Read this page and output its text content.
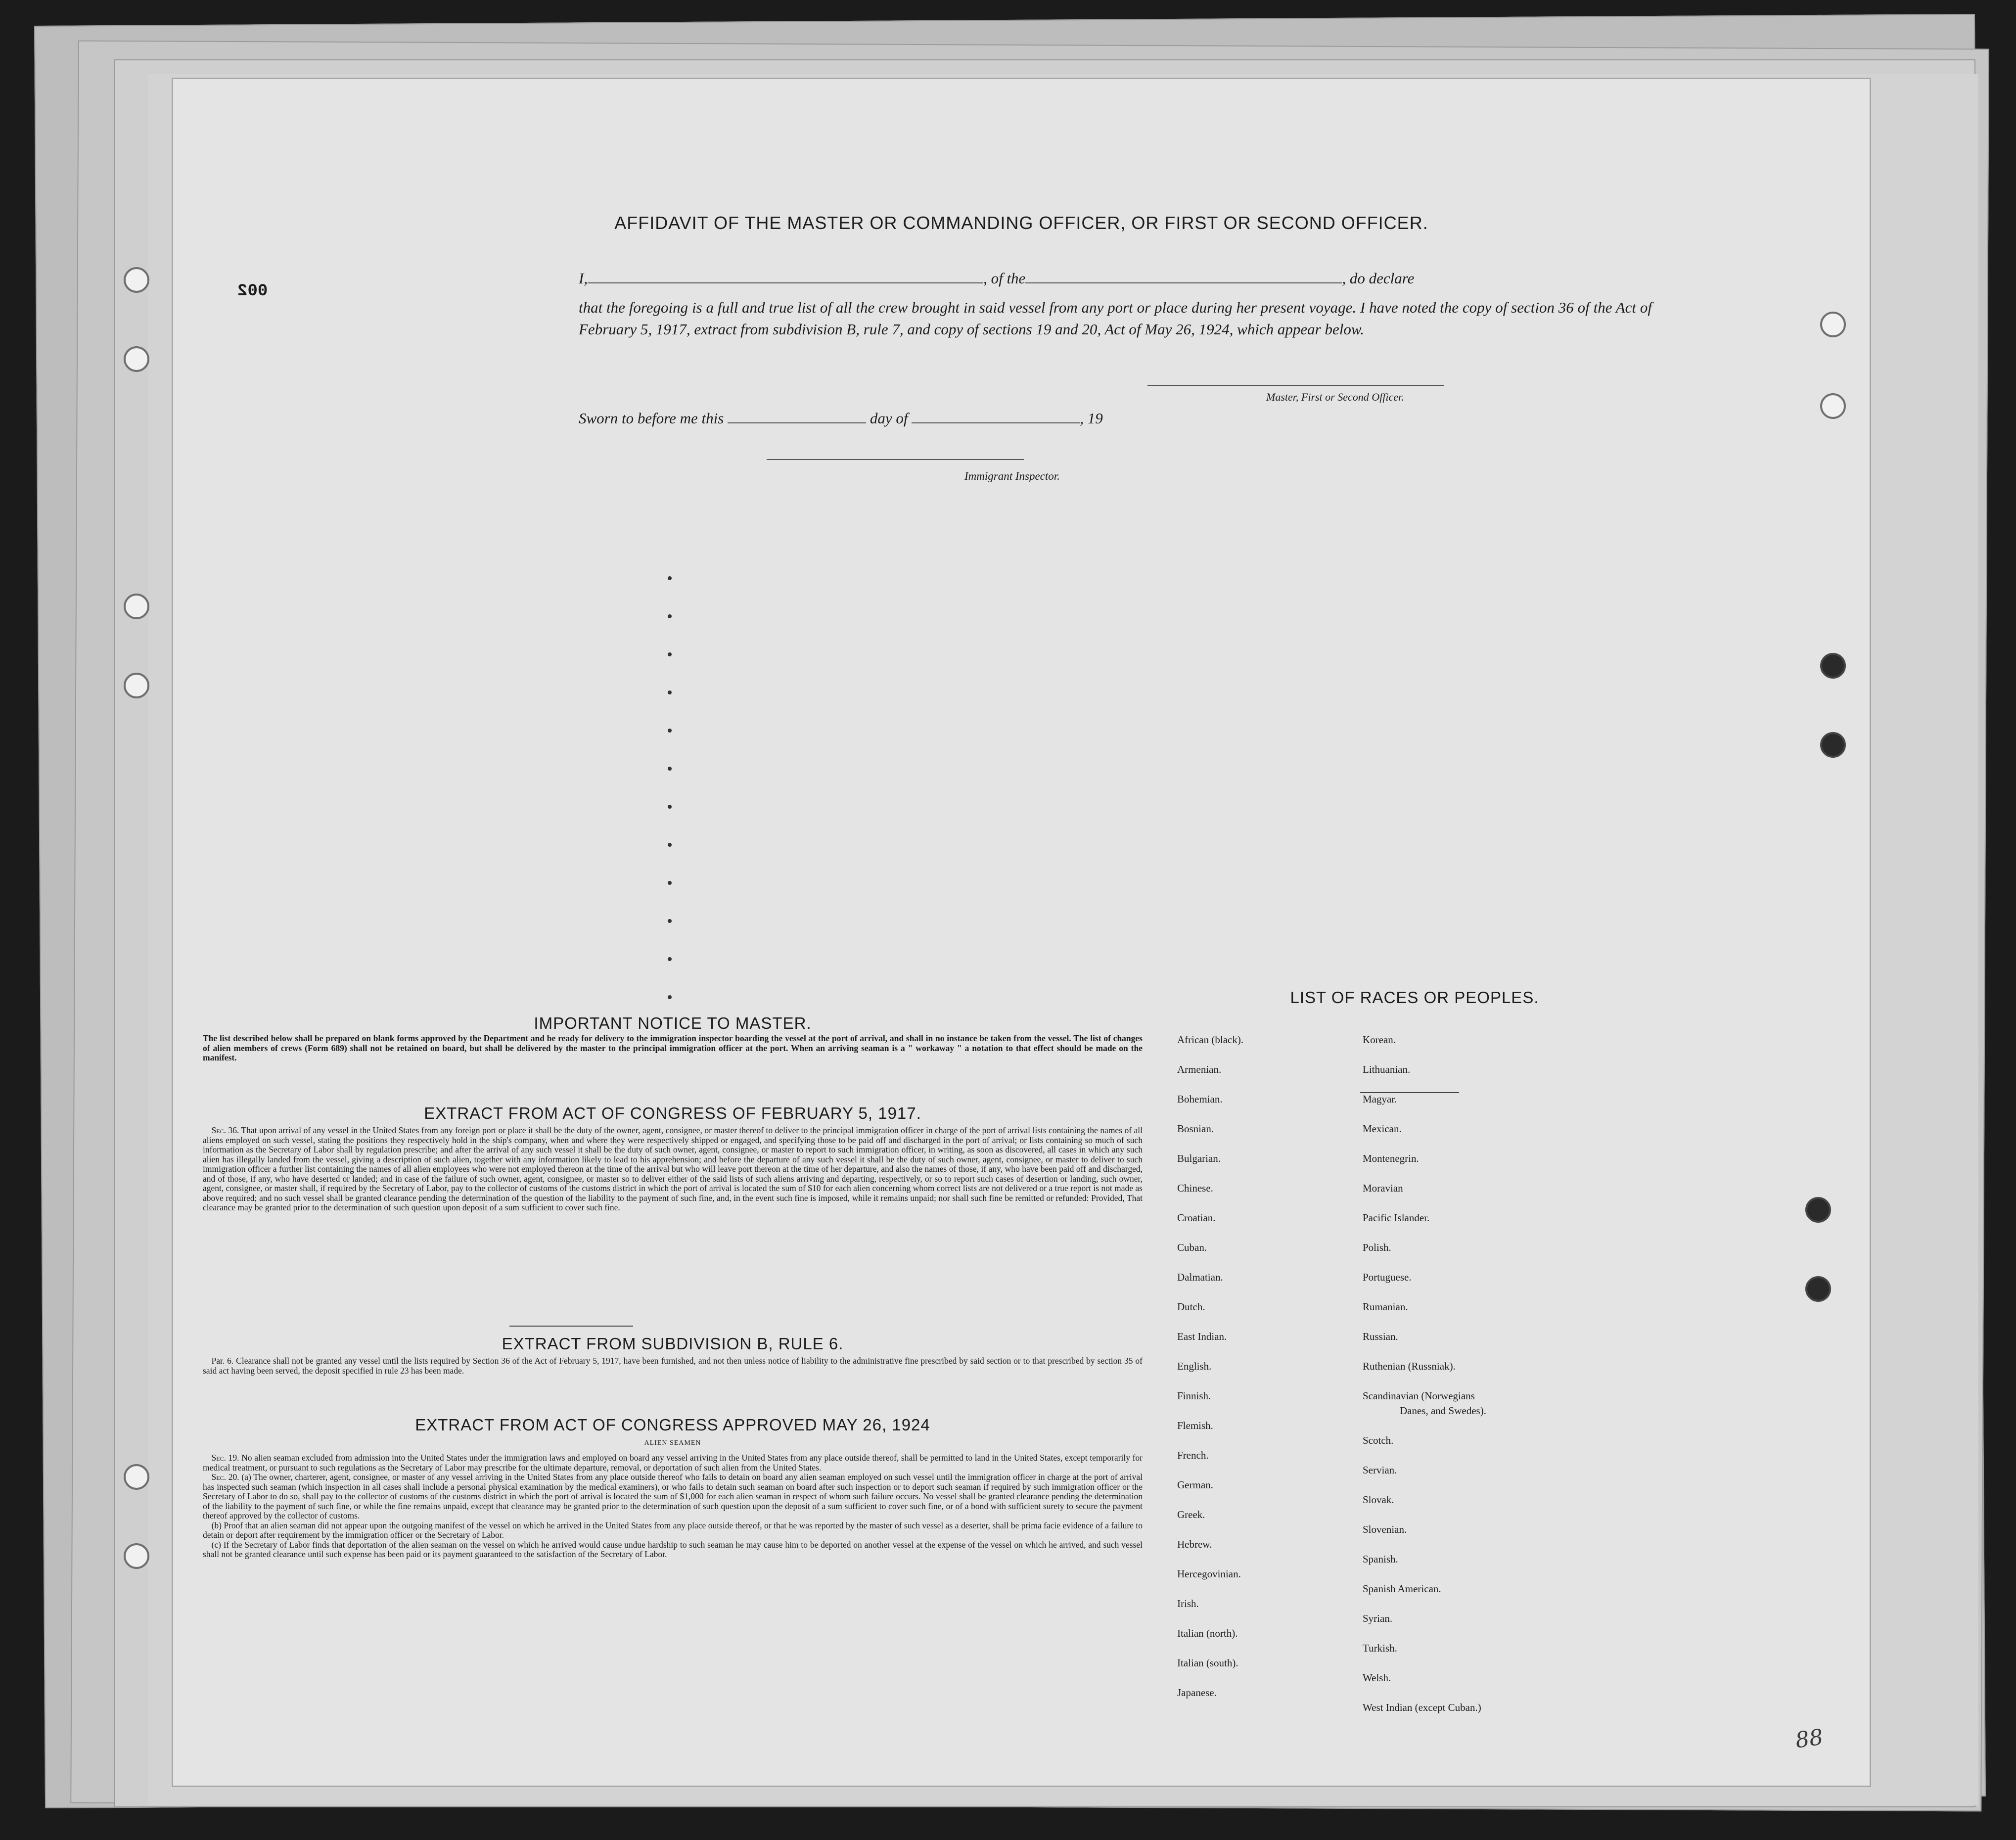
002
AFFIDAVIT OF THE MASTER OR COMMANDING OFFICER, OR FIRST OR SECOND OFFICER.
I,	, of the	, do declare
that the foregoing is a full and true list of all the crew brought in said vessel from any port or place during her present voyage. I have noted the copy of section 36 of the Act of February 5, 1917, extract from subdivision B, rule 7, and copy of sections 19 and 20, Act of May 26, 1924, which appear below.
Master, First or Second Officer.
Sworn to before me this	day of	, 19
Immigrant Inspector.
IMPORTANT NOTICE TO MASTER.
The list described below shall be prepared on blank forms approved by the Department and be ready for delivery to the immigration inspector boarding the vessel at the port of arrival, and shall in no instance be taken from the vessel. The list of changes of alien members of crews (Form 689) shall not be retained on board, but shall be delivered by the master to the principal immigration officer at the port. When an arriving seaman is a " workaway " a notation to that effect should be made on the manifest.
EXTRACT FROM ACT OF CONGRESS OF FEBRUARY 5, 1917.

 Sec. 36. That upon arrival of any vessel in the United States from any foreign port or place it shall be the duty of the owner, agent, consignee, or master thereof to deliver to the principal immigration officer in charge of the port of arrival lists containing the names of all aliens employed on such vessel, stating the positions they respectively hold in the ship's company, when and where they were respectively shipped or engaged, and specifying those to be paid off and discharged in the port of arrival; or lists containing so much of such information as the Secretary of Labor shall by regulation prescribe; and after the arrival of any such vessel it shall be the duty of such owner, agent, consignee, or master to report to such immigration officer, in writing, as soon as discovered, all cases in which any such alien has illegally landed from the vessel, giving a description of such alien, together with any information likely to lead to his apprehension; and before the departure of any such vessel it shall be the duty of such owner, agent, consignee, or master to deliver to such immigration officer a further list containing the names of all alien employees who were not employed thereon at the time of the arrival but who will leave port thereon at the time of her departure, and also the names of those, if any, who have been paid off and discharged, and of those, if any, who have deserted or landed; and in case of the failure of such owner, agent, consignee, or master so to deliver either of the said lists of such aliens arriving and departing, respectively, or so to report such cases of desertion or landing, such owner, agent, consignee, or master shall, if required by the Secretary of Labor, pay to the collector of customs of the customs district in which the port of arrival is located the sum of $10 for each alien concerning whom correct lists are not delivered or a true report is not made as above required; and no such vessel shall be granted clearance pending the determination of the question of the liability to the payment of such fine, and, in the event such fine is imposed, while it remains unpaid; nor shall such fine be remitted or refunded: Provided, That clearance may be granted prior to the determination of such question upon deposit of a sum sufficient to cover such fine.

EXTRACT FROM SUBDIVISION B, RULE 6.

 Par. 6. Clearance shall not be granted any vessel until the lists required by Section 36 of the Act of February 5, 1917, have been furnished, and not then unless notice of liability to the administrative fine prescribed by said section or to that prescribed by section 35 of said act having been served, the deposit specified in rule 23 has been made.

EXTRACT FROM ACT OF CONGRESS APPROVED MAY 26, 1924
ALIEN SEAMEN

 Sec. 19. No alien seaman excluded from admission into the United States under the immigration laws and employed on board any vessel arriving in the United States from any place outside thereof, shall be permitted to land in the United States, except temporarily for medical treatment, or pursuant to such regulations as the Secretary of Labor may prescribe for the ultimate departure, removal, or deportation of such alien from the United States.

 Sec. 20. (a) The owner, charterer, agent, consignee, or master of any vessel arriving in the United States from any place outside thereof who fails to detain on board any alien seaman employed on such vessel until the immigration officer in charge at the port of arrival has inspected such seaman (which inspection in all cases shall include a personal physical examination by the medical examiners), or who fails to detain such seaman on board after such inspection or to deport such seaman if required by such immigration officer or the Secretary of Labor to do so, shall pay to the collector of customs of the customs district in which the port of arrival is located the sum of $1,000 for each alien seaman in respect of whom such failure occurs. No vessel shall be granted clearance pending the determination of the liability to the payment of such fine, or while the fine remains unpaid, except that clearance may be granted prior to the determination of such question upon the deposit of a sum sufficient to cover such fine, or of a bond with sufficient surety to secure the payment thereof approved by the collector of customs.

 (b) Proof that an alien seaman did not appear upon the outgoing manifest of the vessel on which he arrived in the United States from any place outside thereof, or that he was reported by the master of such vessel as a deserter, shall be prima facie evidence of a failure to detain or deport after requirement by the immigration officer or the Secretary of Labor.

 (c) If the Secretary of Labor finds that deportation of the alien seaman on the vessel on which he arrived would cause undue hardship to such seaman he may cause him to be deported on another vessel at the expense of the vessel on which he arrived, and such vessel shall not be granted clearance until such expense has been paid or its payment guaranteed to the satisfaction of the Secretary of Labor.

LIST OF RACES OR PEOPLES.
African (black).
Armenian.
Bohemian.
Bosnian.
Bulgarian.
Chinese.
Croatian.
Cuban.
Dalmatian.
Dutch.
East Indian.
English.
Finnish.
Flemish.
French.
German.
Greek.
Hebrew.
Hercegovinian.
Irish.
Italian (north).
Italian (south).
Japanese.
Korean.
Lithuanian.
Magyar.
Mexican.
Montenegrin.
Moravian
Pacific Islander.
Polish.
Portuguese.
Rumanian.
Russian.
Ruthenian (Russniak).
Scandinavian (Norwegians
Danes, and Swedes).
Scotch.
Servian.
Slovak.
Slovenian.
Spanish.
Spanish American.
Syrian.
Turkish.
Welsh.
West Indian (except Cuban.)
88
